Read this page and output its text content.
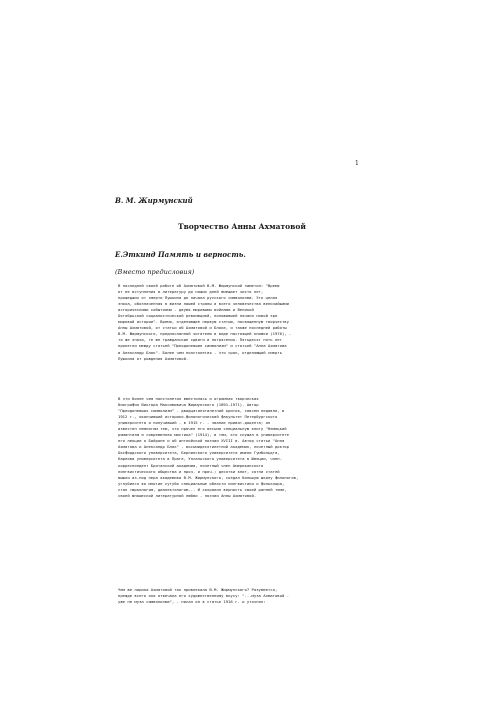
1
В. М. Жирмунский
Творчество Анны Ахматовой
Е.Эткинд Память и верность.
(Вместо предисловия)
В последней своей работе об Ахматовой В.М. Жирмунский заметил: "Время
от ее вступления в литературу до наших дней вмещает чисто лет,
прошедших от смерти Пушкина до начала русского символизма. Это целая
эпоха, обозначенная в жизни нашей страны и всего человечества величайшими
историческими событиями - двумя мировыми войнами и Великой
Октябрьской социалистической революцией, положившей начало новой эре
мировой истории". Время, отделяющее первую статью, посвященную творчеству
Анны Ахматовой, от статьи об Ахматовой и Блоке, и также последней работы
В.М. Жирмунского, предпосланной читателю в виде настоящей книжки (1970), -
то же эпоха, те же гражданские сдвиги и потрясения. Пятьдесят пять лет
пролегли между статьей "Преодолевшие символизм" и статьей "Анна Ахматова
и Александр Блок". Более чем полстолетия - это срок, отделяющий смерть
Пушкина от рождения Ахматовой.
В эти более чем полстолетия вместилась и огромная творческая
биография Виктора Максимовича Жирмунского (1891-1971). Автор
"Преодолевших символизм" - двадцатипятилетний критик, совсем недавно, в
1912 г., окончивший историко-филологический факультет Петербургского
университета и получивший - в 1915 г. - звание приват-доцента; он
известен немногим тем, что прочел его весьма специальную книгу "Немецкий
романтизм и современная мистика" (1914), и тем, кто слушал в университете
его лекции о Байроне и об английской поэзии XVIII в. Автор статьи "Анна
Ахматова и Александр Блок" - восьмидесятилетний академик, почетный доктор
Оксфордского университета, Берлинского университета имени Гумбольдта,
Карлова университета в Праге, Упсальского университета в Швеции, член-
корреспондент Британской академии, почетный член Американского
лингвистического общества и проч. и проч.; десятки книг, сотни статей
вышли из-под пера академика В.М. Жирмунского, создал большую школу филологов,
углубился во многие сугубо специальные области лингвистики и фольклора,
стал тюркологом, диалектологом... И сохранил верность своей ранней теме,
своей юношеской литературной любви - поэзии Анны Ахматовой.
Чем же лирика Ахматовой так привлекала В.М. Жирмунского? Разумеется,
прежде всего она отвечала его художественному вкусу: "...муза Ахматовой -
уже не муза символизма", - писал он в статье 1916 г. и уточнял:
